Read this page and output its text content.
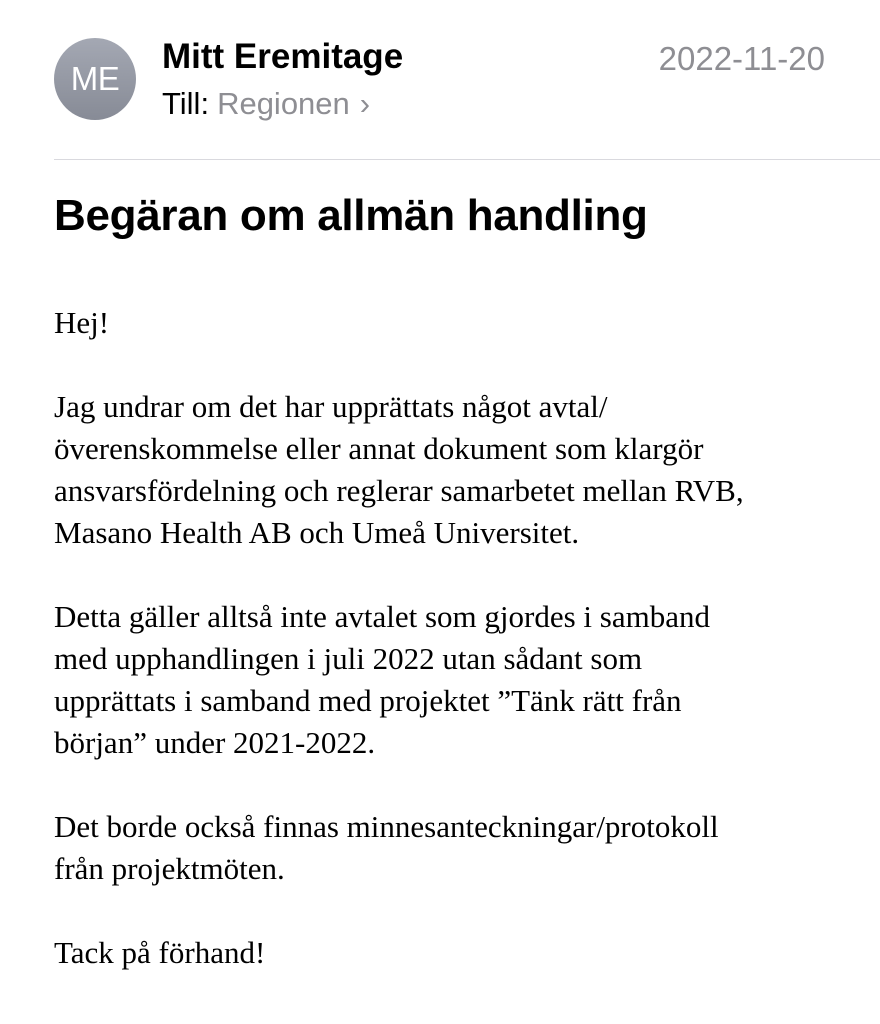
ME
Mitt Eremitage	2022-11-20
Till: Regionen ›
Begäran om allmän handling

Hej!

Jag undrar om det har upprättats något avtal/
överenskommelse eller annat dokument som klargör
ansvarsfördelning och reglerar samarbetet mellan RVB,
Masano Health AB och Umeå Universitet.

Detta gäller alltså inte avtalet som gjordes i samband
med upphandlingen i juli 2022 utan sådant som
upprättats i samband med projektet ”Tänk rätt från
början” under 2021-2022.

Det borde också finnas minnesanteckningar/protokoll
från projektmöten.

Tack på förhand!
